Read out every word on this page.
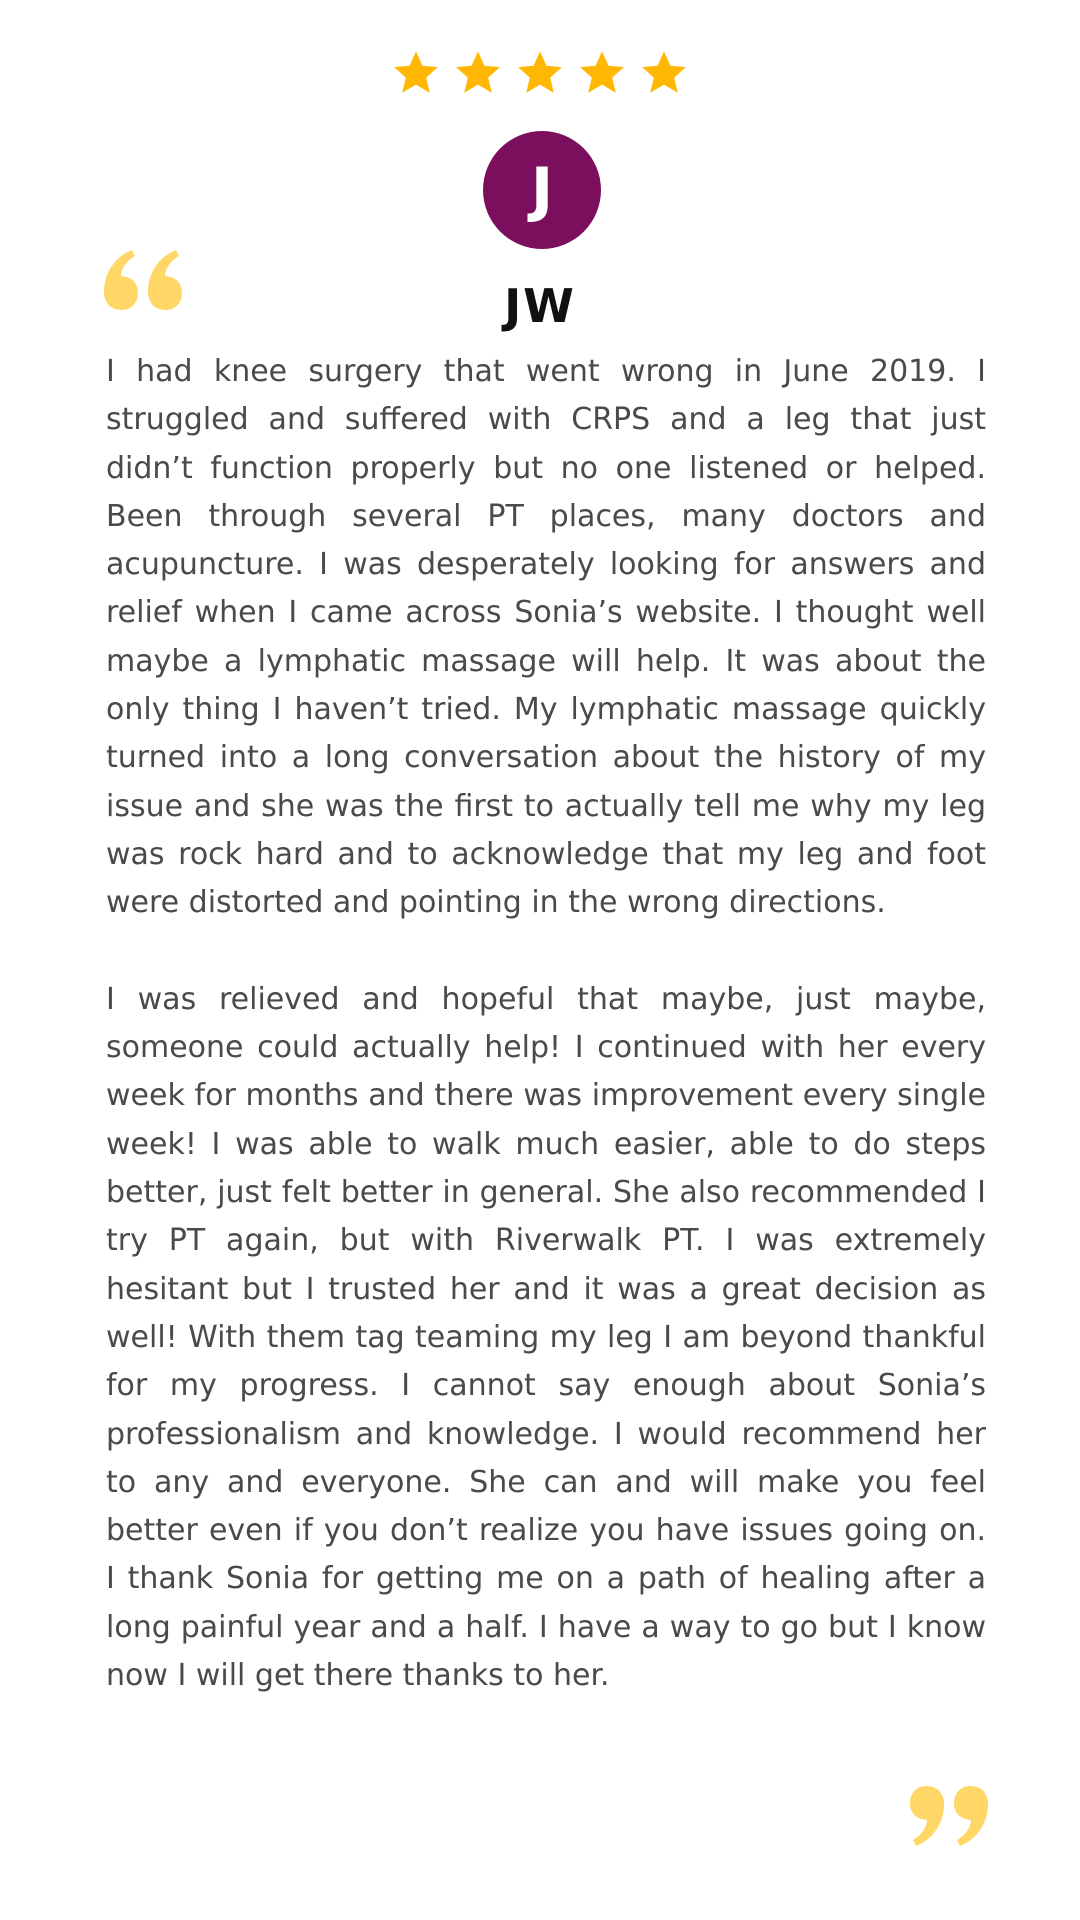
J
JW

I had knee surgery that went wrong in June 2019. I struggled and suffered with CRPS and a leg that just didn’t function properly but no one listened or helped. Been through several PT places, many doctors and acupuncture. I was desperately looking for answers and relief when I came across Sonia’s website. I thought well maybe a lymphatic massage will help. It was about the only thing I haven’t tried. My lymphatic massage quickly turned into a long conversation about the history of my issue and she was the first to actually tell me why my leg was rock hard and to acknowledge that my leg and foot were distorted and pointing in the wrong directions.

I was relieved and hopeful that maybe, just maybe, someone could actually help! I continued with her every week for months and there was improvement every single week! I was able to walk much easier, able to do steps better, just felt better in general. She also recommended I try PT again, but with Riverwalk PT. I was extremely hesitant but I trusted her and it was a great decision as well! With them tag teaming my leg I am beyond thankful for my progress. I cannot say enough about Sonia’s professionalism and knowledge. I would recommend her to any and everyone. She can and will make you feel better even if you don’t realize you have issues going on. I thank Sonia for getting me on a path of healing after a long painful year and a half. I have a way to go but I know now I will get there thanks to her.
